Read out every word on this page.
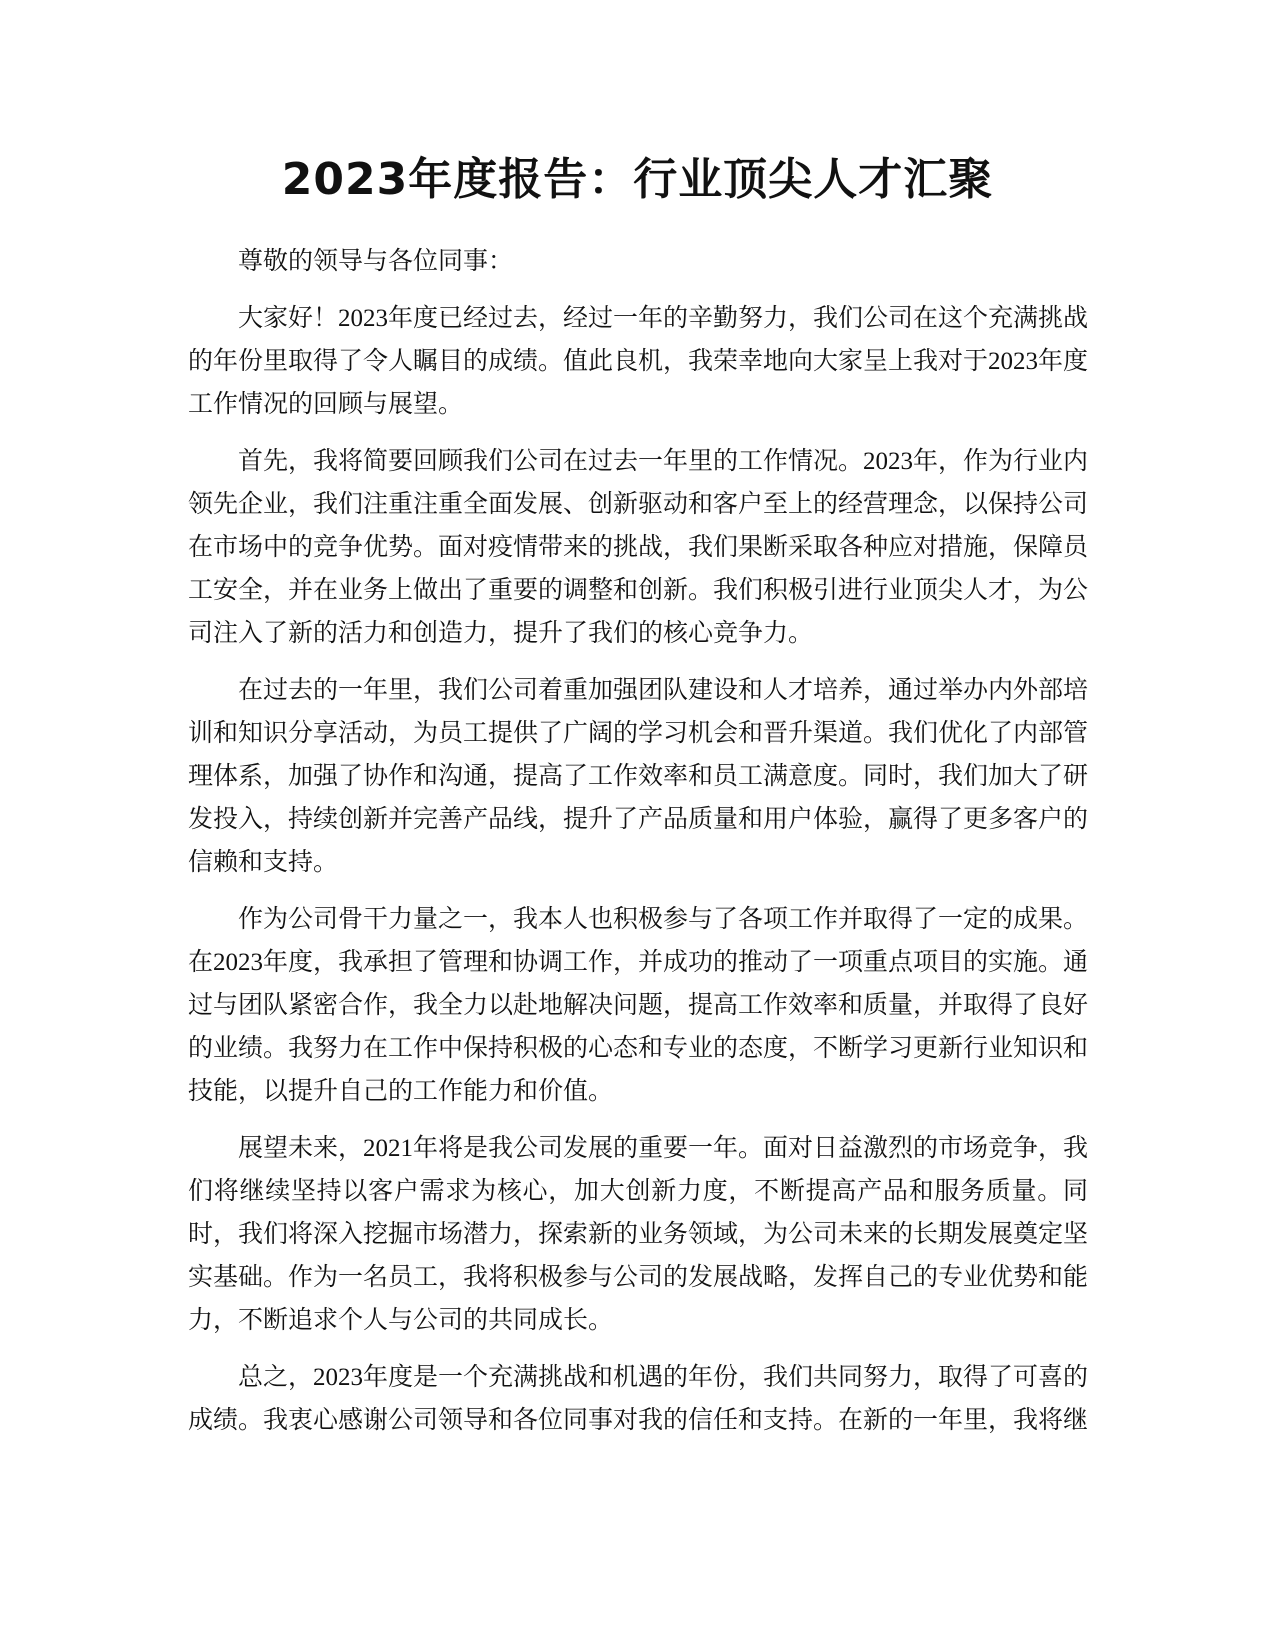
2023年度报告：行业顶尖人才汇聚

尊敬的领导与各位同事：

大家好！2023年度已经过去，经过一年的辛勤努力，我们公司在这个充满挑战的年份里取得了令人瞩目的成绩。值此良机，我荣幸地向大家呈上我对于2023年度工作情况的回顾与展望。

首先，我将简要回顾我们公司在过去一年里的工作情况。2023年，作为行业内领先企业，我们注重注重全面发展、创新驱动和客户至上的经营理念，以保持公司在市场中的竞争优势。面对疫情带来的挑战，我们果断采取各种应对措施，保障员工安全，并在业务上做出了重要的调整和创新。我们积极引进行业顶尖人才，为公司注入了新的活力和创造力，提升了我们的核心竞争力。

在过去的一年里，我们公司着重加强团队建设和人才培养，通过举办内外部培训和知识分享活动，为员工提供了广阔的学习机会和晋升渠道。我们优化了内部管理体系，加强了协作和沟通，提高了工作效率和员工满意度。同时，我们加大了研发投入，持续创新并完善产品线，提升了产品质量和用户体验，赢得了更多客户的信赖和支持。

作为公司骨干力量之一，我本人也积极参与了各项工作并取得了一定的成果。在2023年度，我承担了管理和协调工作，并成功的推动了一项重点项目的实施。通过与团队紧密合作，我全力以赴地解决问题，提高工作效率和质量，并取得了良好的业绩。我努力在工作中保持积极的心态和专业的态度，不断学习更新行业知识和技能，以提升自己的工作能力和价值。

展望未来，2021年将是我公司发展的重要一年。面对日益激烈的市场竞争，我们将继续坚持以客户需求为核心，加大创新力度，不断提高产品和服务质量。同时，我们将深入挖掘市场潜力，探索新的业务领域，为公司未来的长期发展奠定坚实基础。作为一名员工，我将积极参与公司的发展战略，发挥自己的专业优势和能力，不断追求个人与公司的共同成长。

总之，2023年度是一个充满挑战和机遇的年份，我们共同努力，取得了可喜的成绩。我衷心感谢公司领导和各位同事对我的信任和支持。在新的一年里，我将继
